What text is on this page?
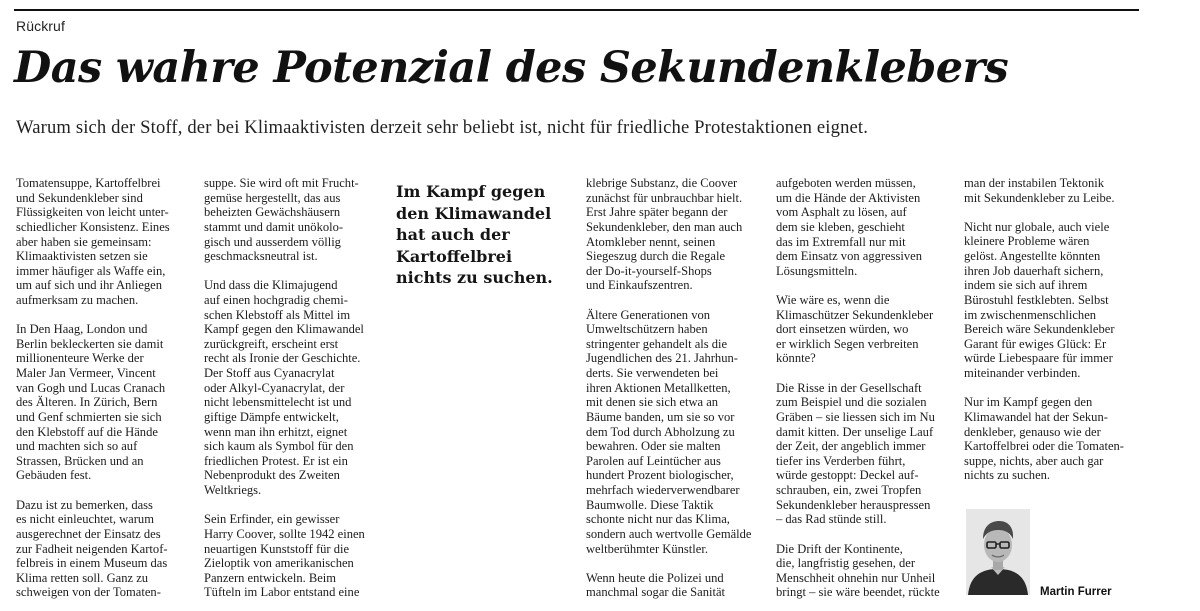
Rückruf
Das wahre Potenzial des Sekundenklebers

Warum sich der Stoff, der bei Klimaaktivisten derzeit sehr beliebt ist, nicht für friedliche Protestaktionen eignet.

Tomatensuppe, Kartoffelbrei
und Sekundenkleber sind
Flüssigkeiten von leicht unter-
schiedlicher Konsistenz. Eines
aber haben sie gemeinsam:
Klimaaktivisten setzen sie
immer häufiger als Waffe ein,
um auf sich und ihr Anliegen
aufmerksam zu machen.

In Den Haag, London und
Berlin bekleckerten sie damit
millionenteure Werke der
Maler Jan Vermeer, Vincent
van Gogh und Lucas Cranach
des Älteren. In Zürich, Bern
und Genf schmierten sie sich
den Klebstoff auf die Hände
und machten sich so auf
Strassen, Brücken und an
Gebäuden fest.

Dazu ist zu bemerken, dass
es nicht einleuchtet, warum
ausgerechnet der Einsatz des
zur Fadheit neigenden Kartof-
felbreis in einem Museum das
Klima retten soll. Ganz zu
schweigen von der Tomaten-

suppe. Sie wird oft mit Frucht-
gemüse hergestellt, das aus
beheizten Gewächshäusern
stammt und damit unökolo-
gisch und ausserdem völlig
geschmacksneutral ist.

Und dass die Klimajugend
auf einen hochgradig chemi-
schen Klebstoff als Mittel im
Kampf gegen den Klimawandel
zurückgreift, erscheint erst
recht als Ironie der Geschichte.
Der Stoff aus Cyanacrylat
oder Alkyl-Cyanacrylat, der
nicht lebensmittelecht ist und
giftige Dämpfe entwickelt,
wenn man ihn erhitzt, eignet
sich kaum als Symbol für den
friedlichen Protest. Er ist ein
Nebenprodukt des Zweiten
Weltkriegs.

Sein Erfinder, ein gewisser
Harry Coover, sollte 1942 einen
neuartigen Kunststoff für die
Zieloptik von amerikanischen
Panzern entwickeln. Beim
Tüfteln im Labor entstand eine

Im Kampf gegen
den Klimawandel
hat auch der
Kartoffelbrei
nichts zu suchen.

klebrige Substanz, die Coover
zunächst für unbrauchbar hielt.
Erst Jahre später begann der
Sekundenkleber, den man auch
Atomkleber nennt, seinen
Siegeszug durch die Regale
der Do-it-yourself-Shops
und Einkaufszentren.

Ältere Generationen von
Umweltschützern haben
stringenter gehandelt als die
Jugendlichen des 21. Jahrhun-
derts. Sie verwendeten bei
ihren Aktionen Metallketten,
mit denen sie sich etwa an
Bäume banden, um sie so vor
dem Tod durch Abholzung zu
bewahren. Oder sie malten
Parolen auf Leintücher aus
hundert Prozent biologischer,
mehrfach wiederverwendbarer
Baumwolle. Diese Taktik
schonte nicht nur das Klima,
sondern auch wertvolle Gemälde
weltberühmter Künstler.

Wenn heute die Polizei und
manchmal sogar die Sanität

aufgeboten werden müssen,
um die Hände der Aktivisten
vom Asphalt zu lösen, auf
dem sie kleben, geschieht
das im Extremfall nur mit
dem Einsatz von aggressiven
Lösungsmitteln.

Wie wäre es, wenn die
Klimaschützer Sekundenkleber
dort einsetzen würden, wo
er wirklich Segen verbreiten
könnte?

Die Risse in der Gesellschaft
zum Beispiel und die sozialen
Gräben – sie liessen sich im Nu
damit kitten. Der unselige Lauf
der Zeit, der angeblich immer
tiefer ins Verderben führt,
würde gestoppt: Deckel auf-
schrauben, ein, zwei Tropfen
Sekundenkleber herauspressen
– das Rad stünde still.

Die Drift der Kontinente,
die, langfristig gesehen, der
Menschheit ohnehin nur Unheil
bringt – sie wäre beendet, rückte

man der instabilen Tektonik
mit Sekundenkleber zu Leibe.

Nicht nur globale, auch viele
kleinere Probleme wären
gelöst. Angestellte könnten
ihren Job dauerhaft sichern,
indem sie sich auf ihrem
Bürostuhl festklebten. Selbst
im zwischenmenschlichen
Bereich wäre Sekundenkleber
Garant für ewiges Glück: Er
würde Liebespaare für immer
miteinander verbinden.

Nur im Kampf gegen den
Klimawandel hat der Sekun-
denkleber, genauso wie der
Kartoffelbrei oder die Tomaten-
suppe, nichts, aber auch gar
nichts zu suchen.

Martin Furrer
